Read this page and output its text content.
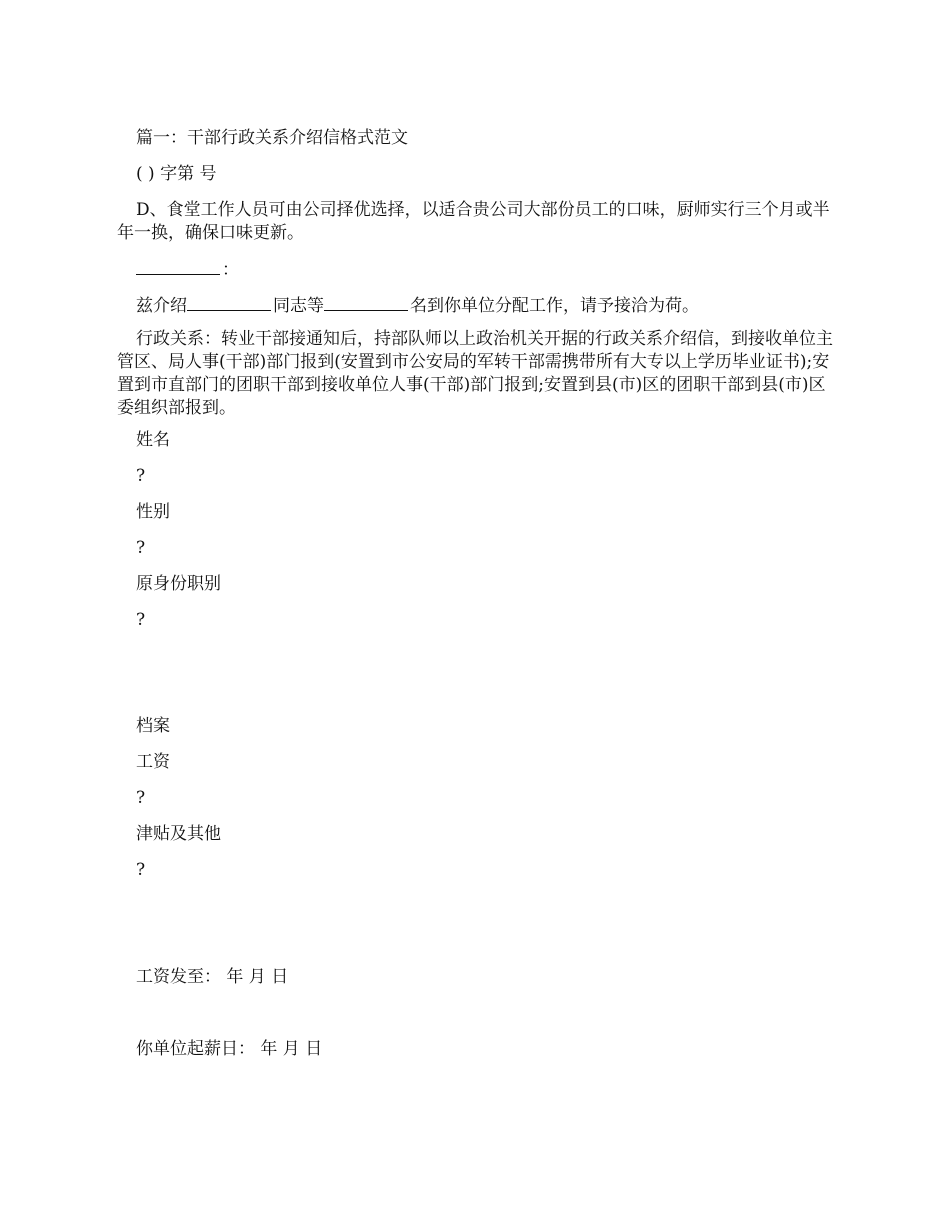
篇一：干部行政关系介绍信格式范文

( ) 字第 号

D、食堂工作人员可由公司择优选择，以适合贵公司大部份员工的口味，厨师实行三个月或半年一换，确保口味更新。

：

兹介绍	同志等	名到你单位分配工作，请予接洽为荷。

行政关系：转业干部接通知后，持部队师以上政治机关开据的行政关系介绍信，到接收单位主管区、局人事(干部)部门报到(安置到市公安局的军转干部需携带所有大专以上学历毕业证书);安置到市直部门的团职干部到接收单位人事(干部)部门报到;安置到县(市)区的团职干部到县(市)区委组织部报到。

姓名

?

性别

?

原身份职别

?

档案

工资

?

津贴及其他

?

工资发至： 年 月 日

你单位起薪日： 年 月 日
